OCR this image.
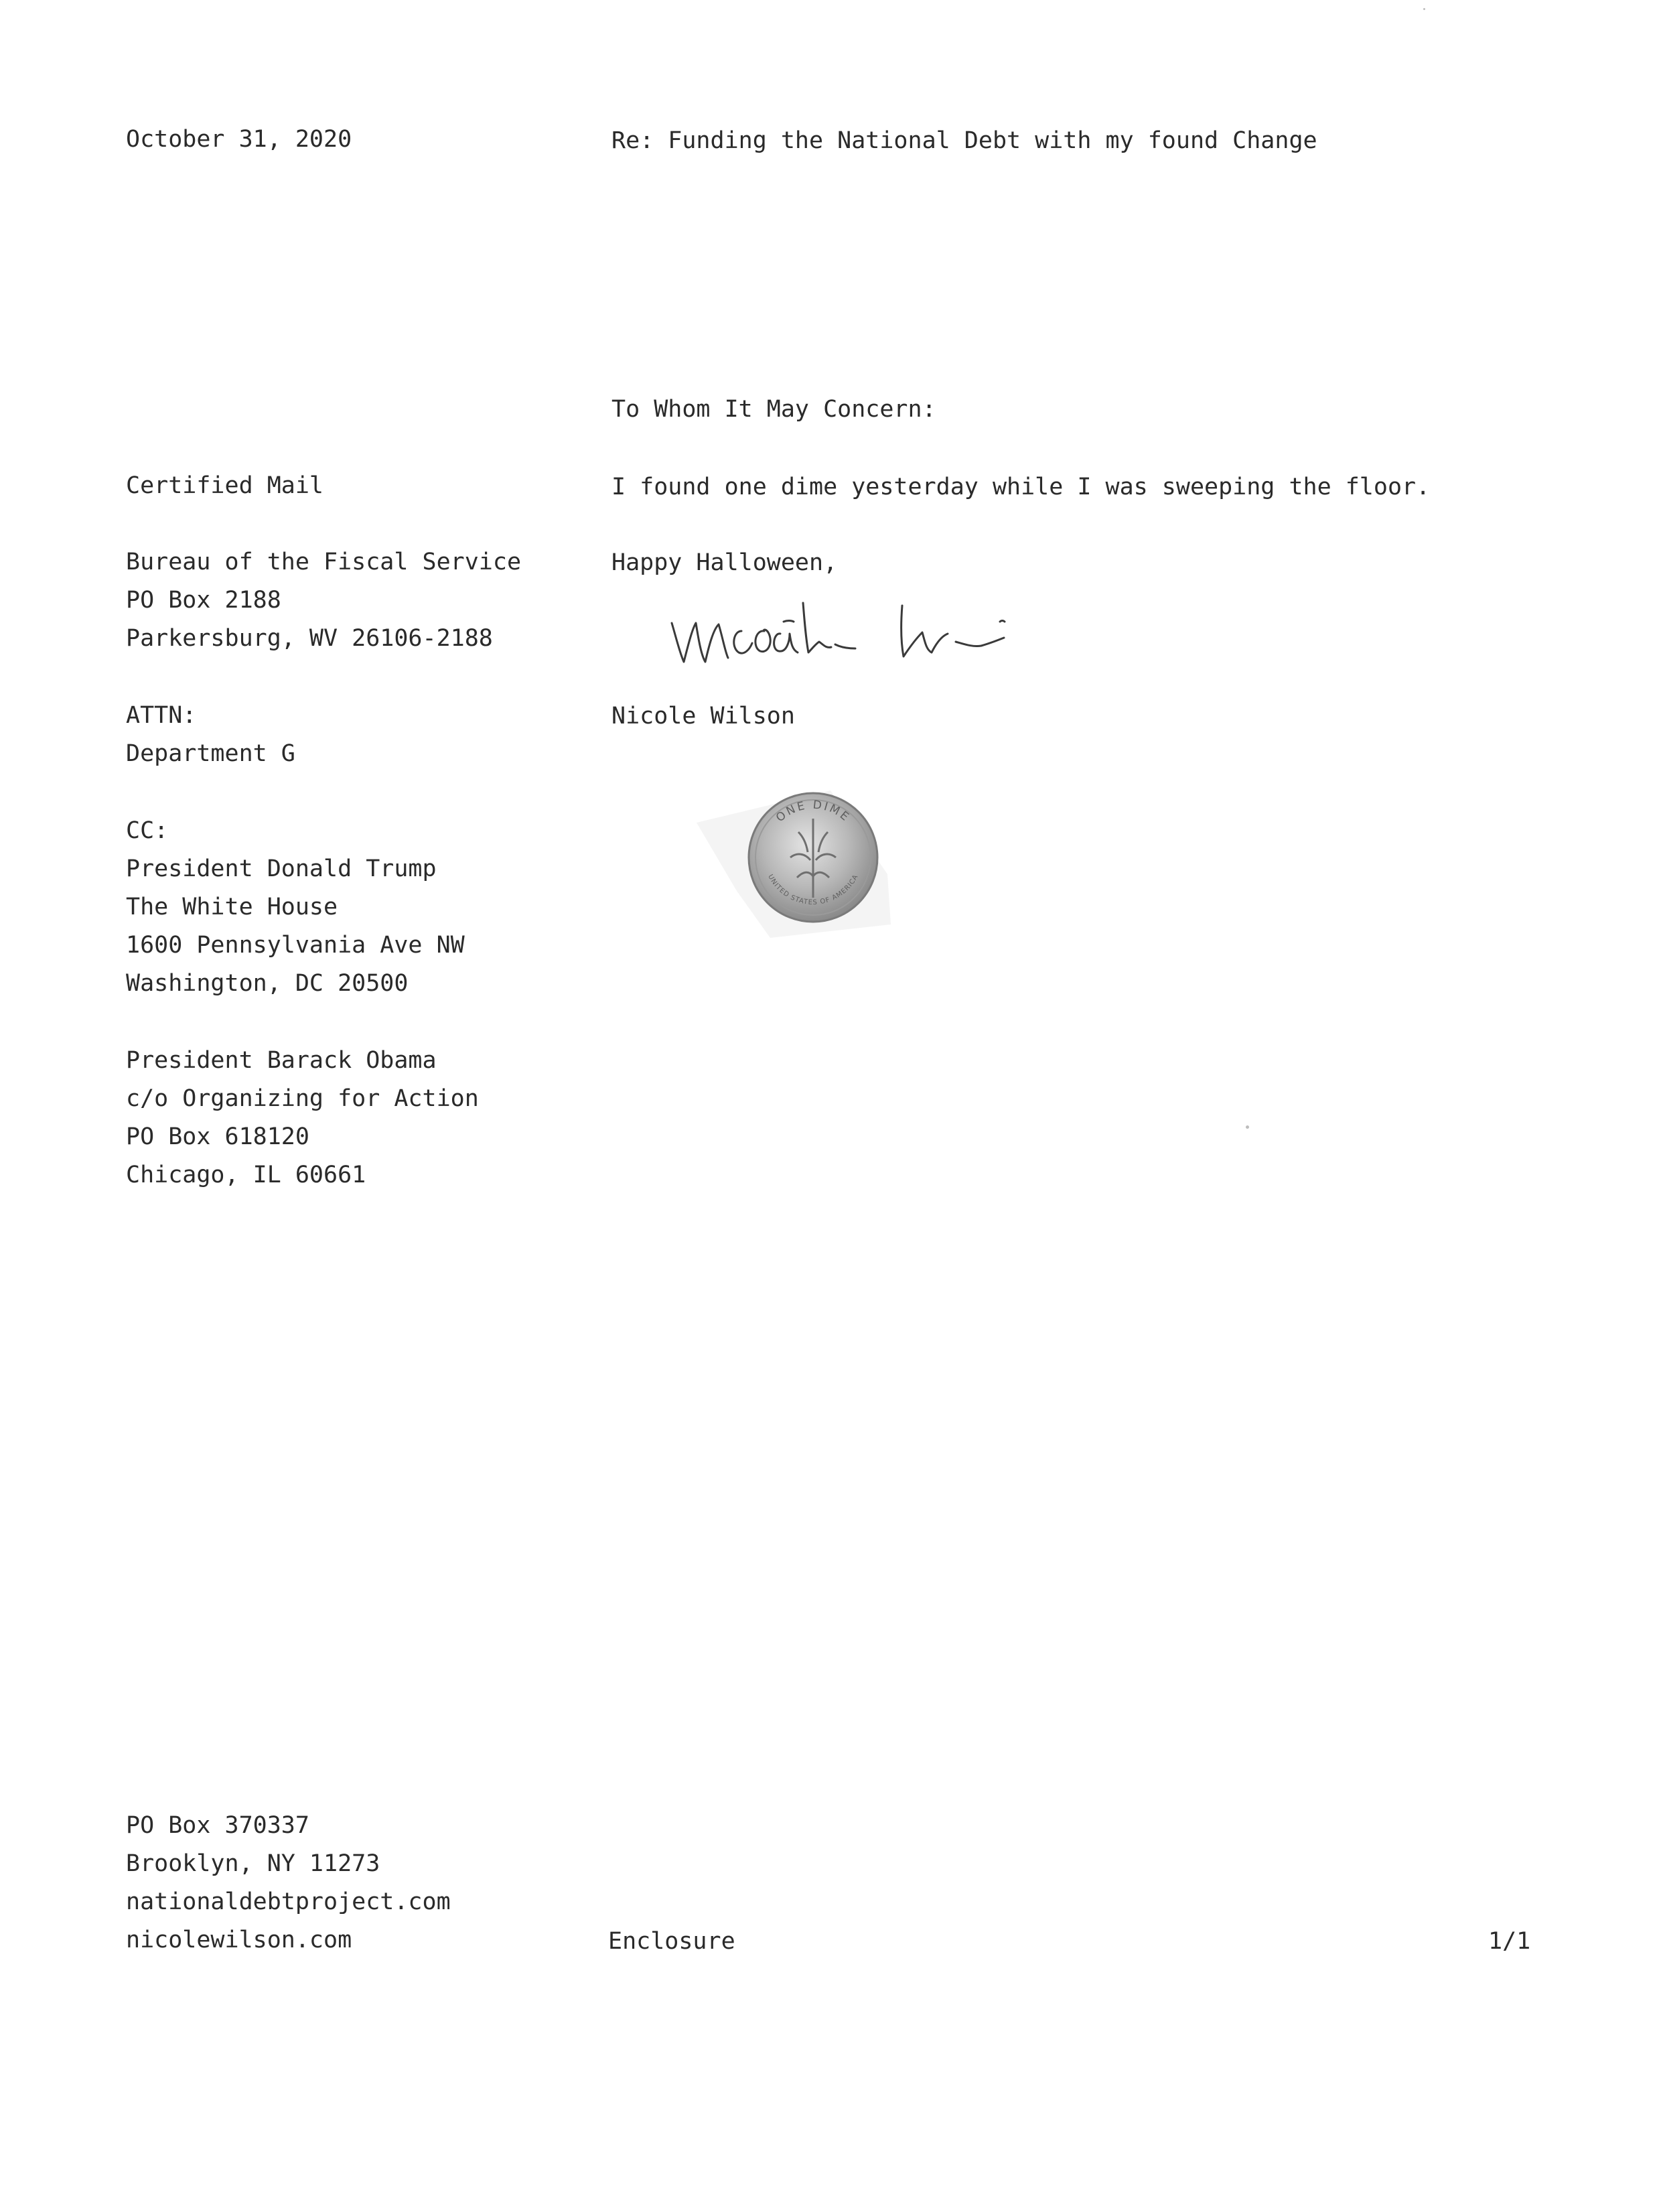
October 31, 2020	Re: Funding the National Debt with my found Change
To Whom It May Concern:
Certified Mail	I found one dime yesterday while I was sweeping the floor.
Bureau of the Fiscal Service
PO Box 2188
Parkersburg, WV 26106-2188
Happy Halloween,
ATTN:
Department G
Nicole Wilson
ONE DIME
UNITED STATES OF AMERICA
CC:
President Donald Trump
The White House
1600 Pennsylvania Ave NW
Washington, DC 20500
President Barack Obama
c/o Organizing for Action
PO Box 618120
Chicago, IL 60661
PO Box 370337
Brooklyn, NY 11273
nationaldebtproject.com
nicolewilson.com	Enclosure	1/1
